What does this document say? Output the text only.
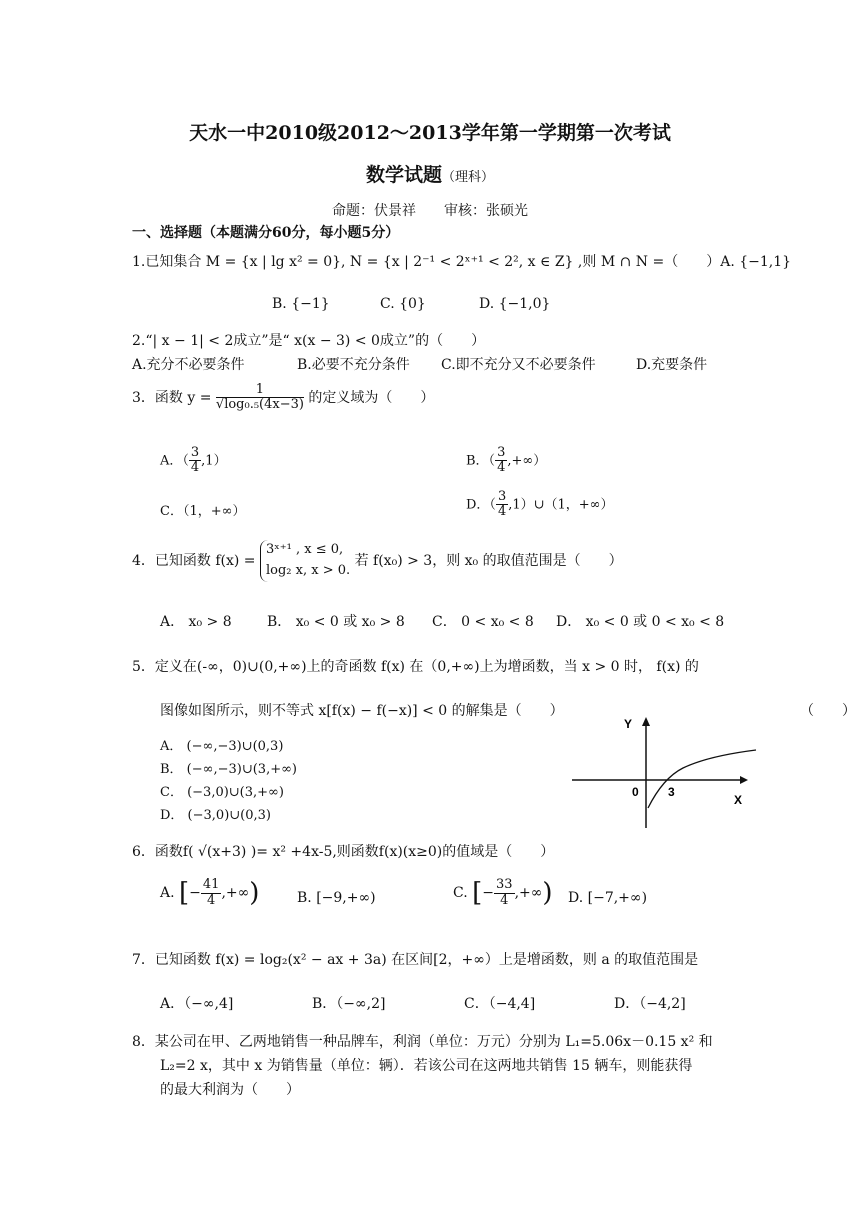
天水一中2010级2012～2013学年第一学期第一次考试
数学试题（理科）
命题：伏景祥　　审核：张硕光
一、选择题（本题满分60分，每小题5分）
1.已知集合 M = {x | lg x² = 0}, N = {x | 2⁻¹ < 2ˣ⁺¹ < 2², x ∈ Z} ,则 M ∩ N =（　　）A. {−1,1}
B. {−1}	C. {0}	D. {−1,0}
2.“| x − 1| < 2成立”是“ x(x − 3) < 0成立”的（　　）
A.充分不必要条件	B.必要不充分条件 C.即不充分又不必要条件	D.充要条件
3．函数 $y = \frac{1}{\text{√log₀.₅(4x−3)}}$ 的定义域为（　　）
A．（ $\frac{3}{4} ,1$）	B．（ $\frac{3}{4}$ ,+∞）
C．（1，+∞）	D．（ $\frac{3}{4}$ ,1）∪（1，+∞）
4．已知函数 f(x) =
3ˣ⁺¹ , x ≤ 0,
log₂ x, x > 0.
若 f(x₀) > 3，则 x₀ 的取值范围是（　　）
A． x₀ > 8	B． x₀ < 0 或 x₀ > 8 C． 0 < x₀ < 8 D． x₀ < 0 或 0 < x₀ < 8
5．定义在(-∞，0)∪(0,+∞)上的奇函数 f(x) 在（0,+∞)上为增函数，当 x > 0 时， f(x) 的
图像如图所示，则不等式 x[f(x) − f(−x)] < 0 的解集是（　　）	（　　）
A． (−∞,−3)∪(0,3)
B． (−∞,−3)∪(3,+∞)
C． (−3,0)∪(3,+∞)
D． (−3,0)∪(0,3)
Y
X
0 3
6．函数f( √(x+3) )= x² +4x-5,则函数f(x)(x≥0)的值域是（　　）
A. [− $\frac{41}{4}$ ,+∞)	B. [−9,+∞)	C. [− $\frac{33}{4}$ ,+∞) D. [−7,+∞)
7．已知函数 f(x) = log₂(x² − ax + 3a) 在区间[2，+∞）上是增函数，则 a 的取值范围是
A．（−∞,4]	B．（−∞,2]	C．（−4,4]	D．（−4,2]
8．某公司在甲、乙两地销售一种品牌车，利润（单位：万元）分别为 L₁=5.06x－0.15 x² 和
L₂=2 x，其中 x 为销售量（单位：辆）．若该公司在这两地共销售 15 辆车，则能获得
的最大利润为（　　）
